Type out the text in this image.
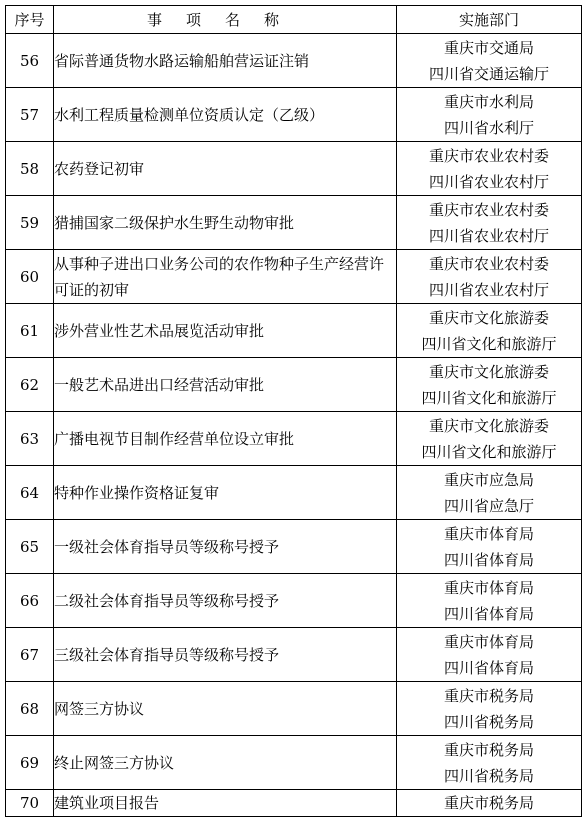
序号	事项名称	实施部门
56	省际普通货物水路运输船舶营运证注销	重庆市交通局
四川省交通运输厅

57	水利工程质量检测单位资质认定（乙级）	重庆市水利局
四川省水利厅

58	农药登记初审	重庆市农业农村委
四川省农业农村厅

59	猎捕国家二级保护水生野生动物审批	重庆市农业农村委
四川省农业农村厅

60	从事种子进出口业务公司的农作物种子生产经营许可证的初审	重庆市农业农村委
四川省农业农村厅

61	涉外营业性艺术品展览活动审批	重庆市文化旅游委
四川省文化和旅游厅

62	一般艺术品进出口经营活动审批	重庆市文化旅游委
四川省文化和旅游厅

63	广播电视节目制作经营单位设立审批	重庆市文化旅游委
四川省文化和旅游厅

64	特种作业操作资格证复审	重庆市应急局
四川省应急厅

65	一级社会体育指导员等级称号授予	重庆市体育局
四川省体育局

66	二级社会体育指导员等级称号授予	重庆市体育局
四川省体育局

67	三级社会体育指导员等级称号授予	重庆市体育局
四川省体育局

68	网签三方协议	重庆市税务局
四川省税务局

69	终止网签三方协议	重庆市税务局
四川省税务局

70	建筑业项目报告	重庆市税务局
